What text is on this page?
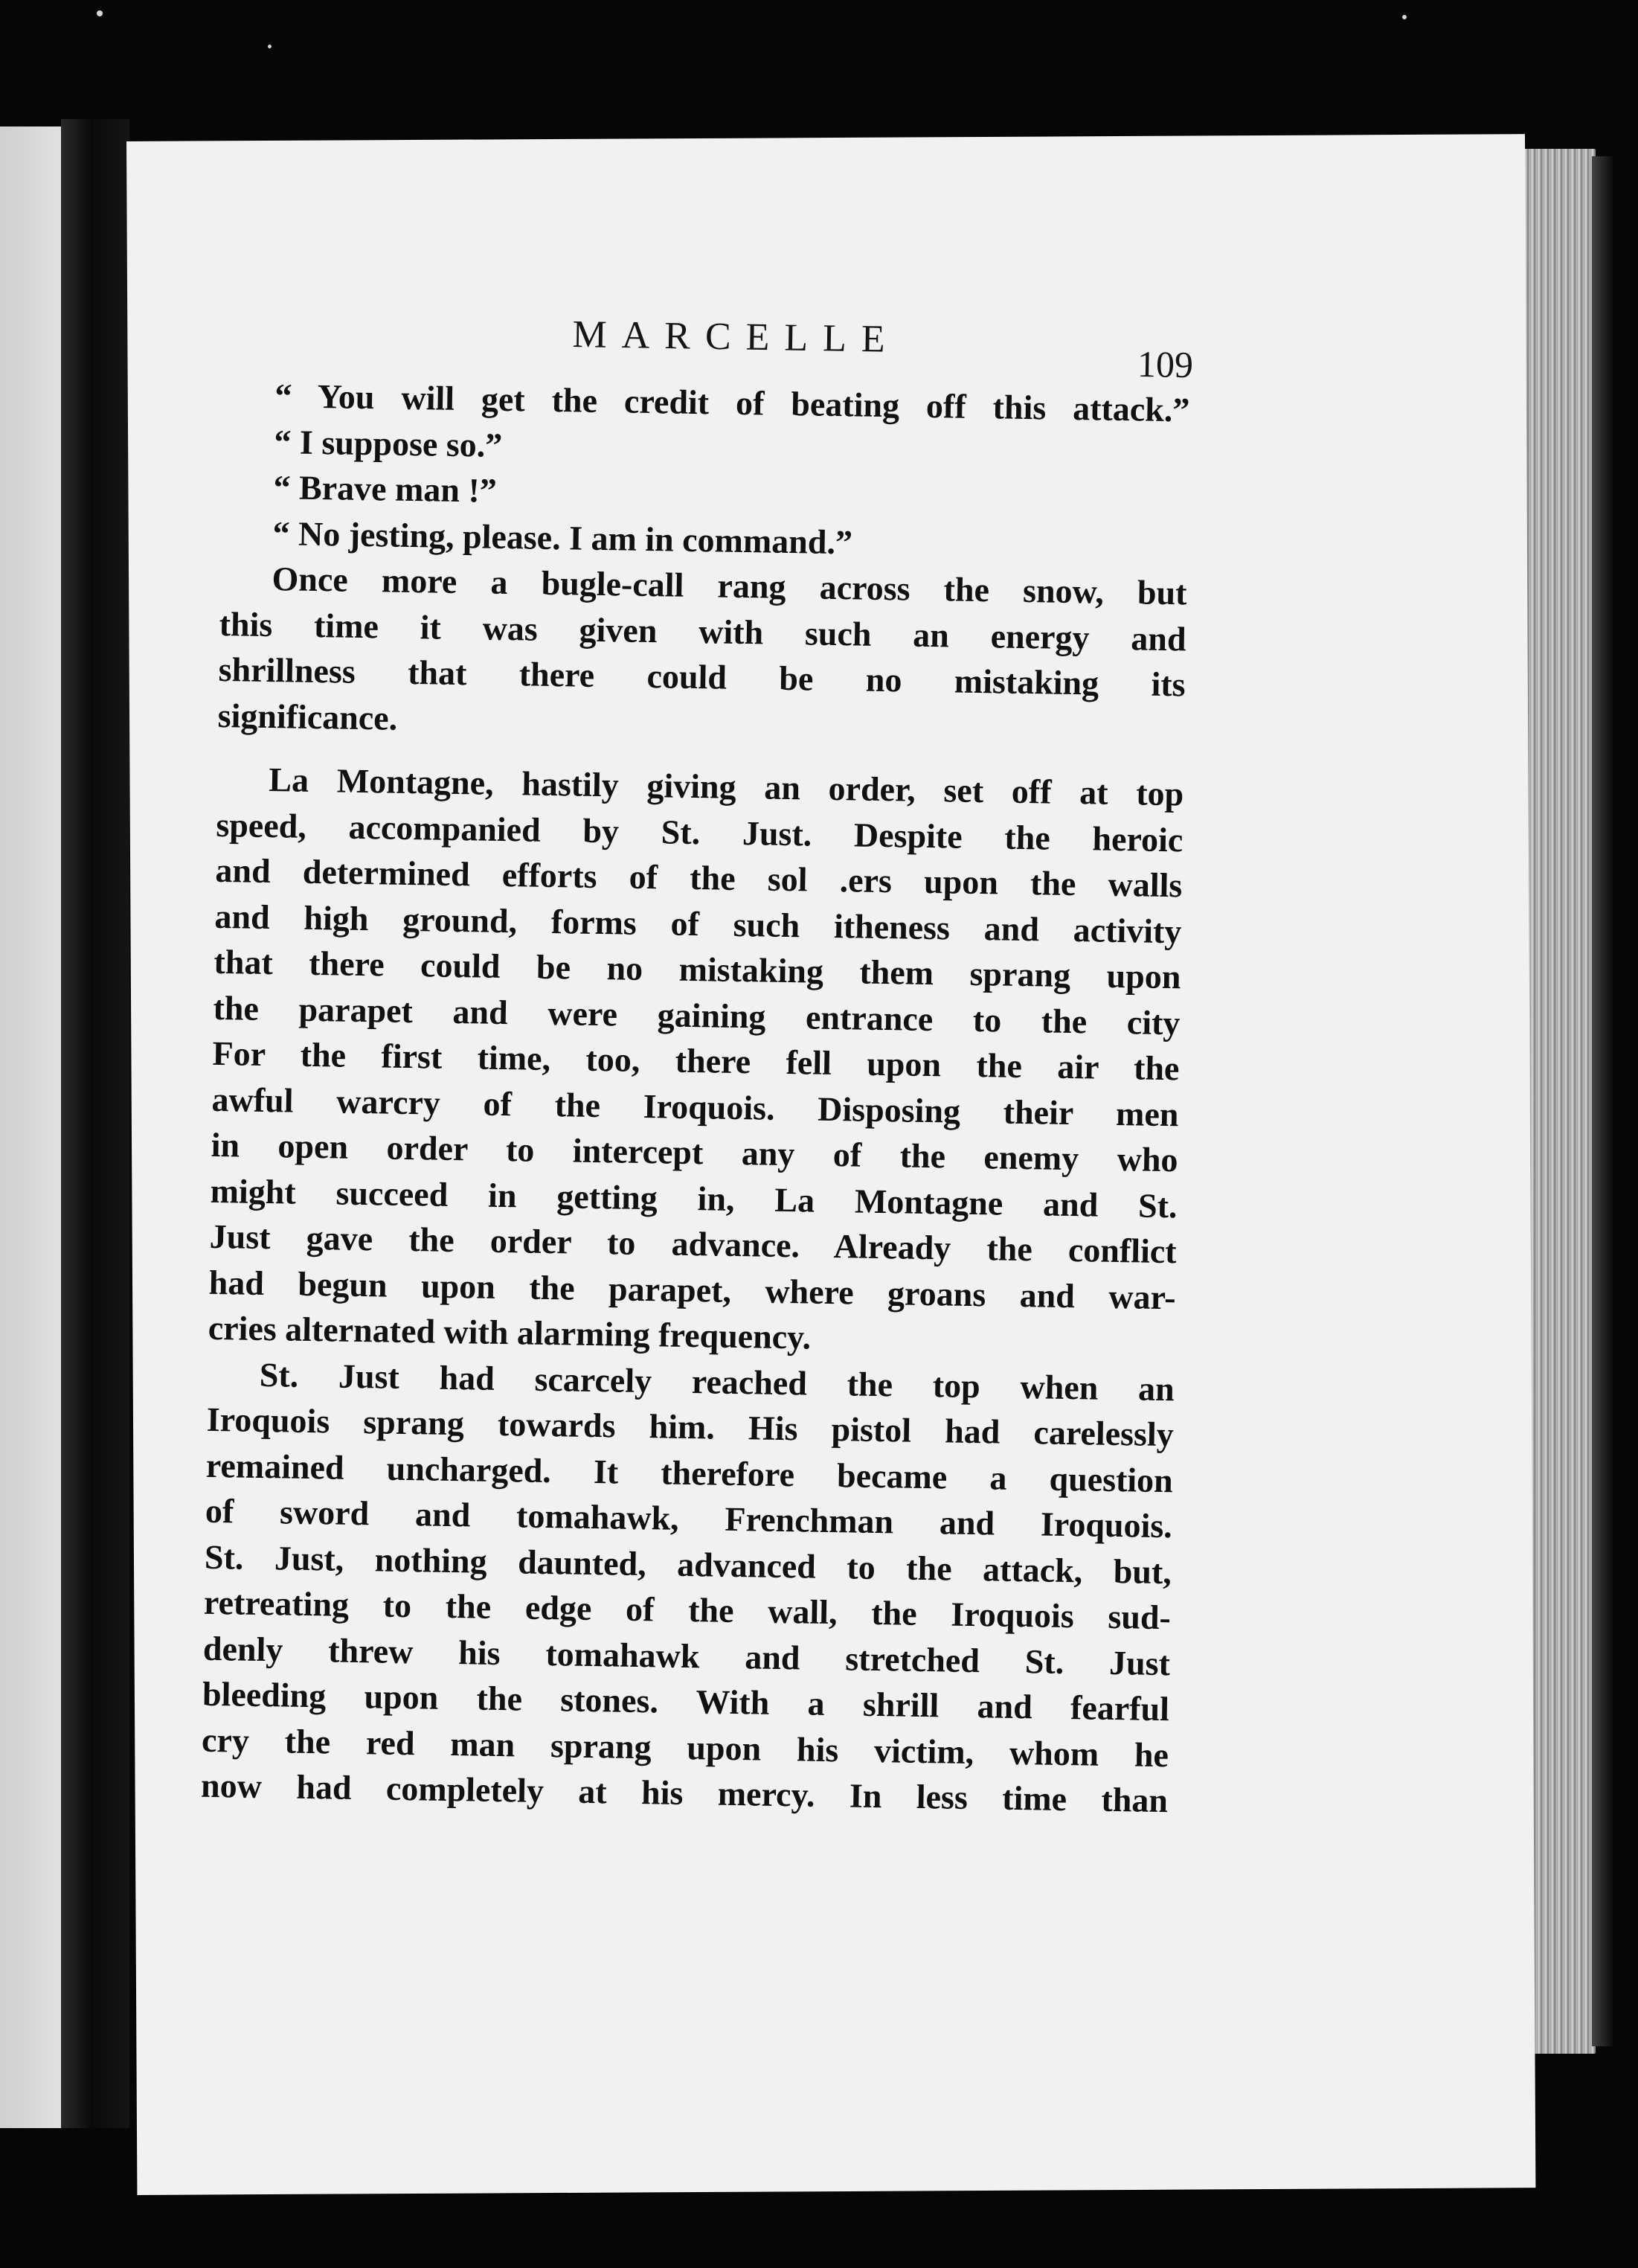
MARCELLE
109
“ You will get the credit of beating off this attack.”
“ I suppose so.”
“ Brave man !”
“ No jesting, please. I am in command.”
Once more a bugle-call rang across the snow, but
this time it was given with such an energy and
shrillness that there could be no mistaking its
significance.
La Montagne, hastily giving an order, set off at top
speed, accompanied by St. Just. Despite the heroic
and determined efforts of the sol .ers upon the walls
and high ground, forms of such itheness and activity
that there could be no mistaking them sprang upon
the parapet and were gaining entrance to the city
For the first time, too, there fell upon the air the
awful warcry of the Iroquois. Disposing their men
in open order to intercept any of the enemy who
might succeed in getting in, La Montagne and St.
Just gave the order to advance. Already the conflict
had begun upon the parapet, where groans and war-
cries alternated with alarming frequency.
St. Just had scarcely reached the top when an
Iroquois sprang towards him. His pistol had carelessly
remained uncharged. It therefore became a question
of sword and tomahawk, Frenchman and Iroquois.
St. Just, nothing daunted, advanced to the attack, but,
retreating to the edge of the wall, the Iroquois sud-
denly threw his tomahawk and stretched St. Just
bleeding upon the stones. With a shrill and fearful
cry the red man sprang upon his victim, whom he
now had completely at his mercy. In less time than
